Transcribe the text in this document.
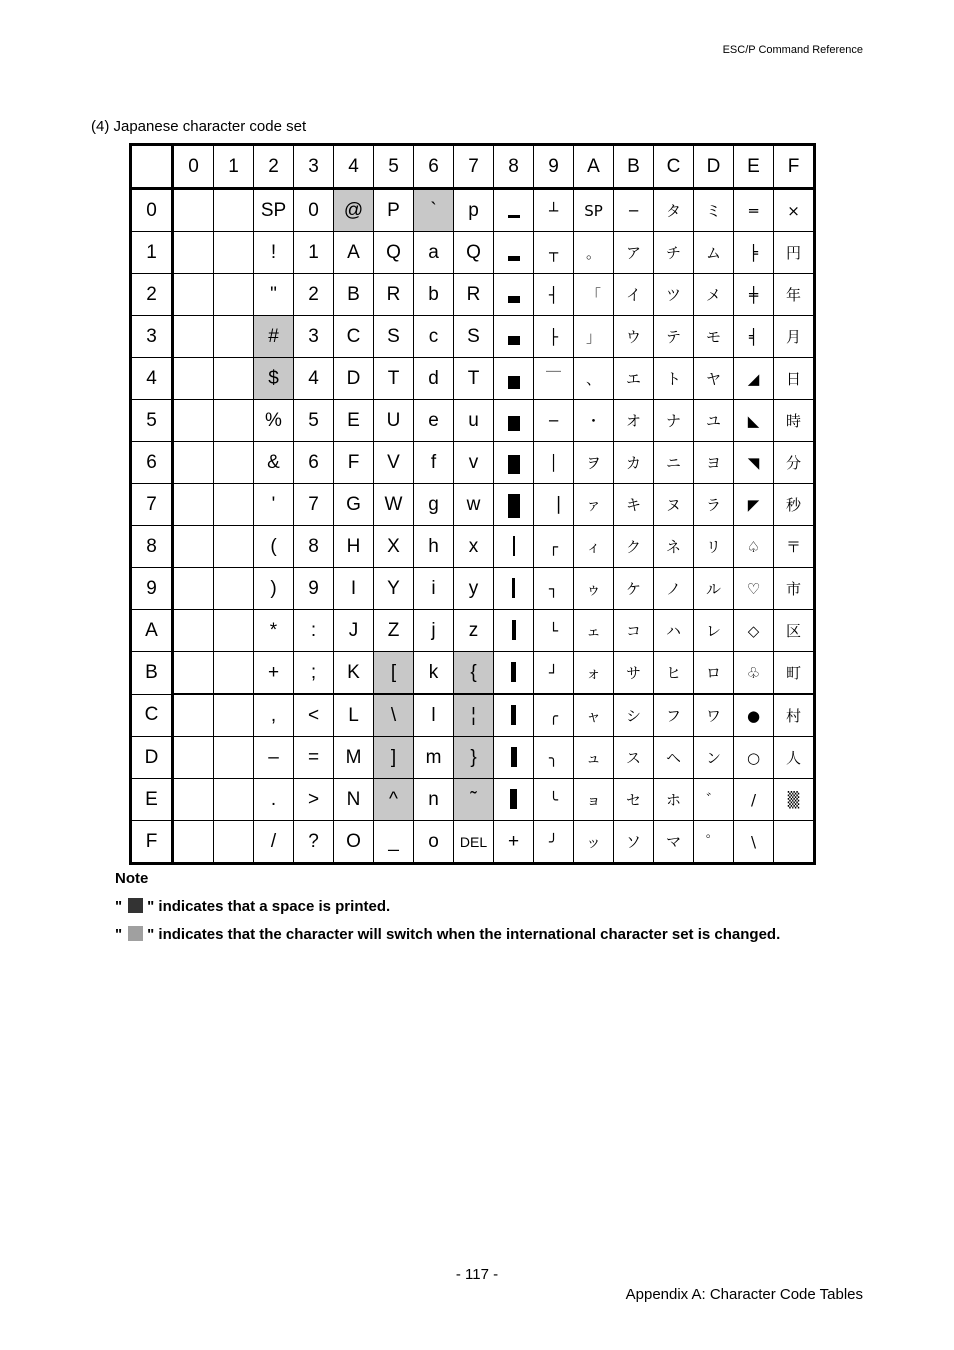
ESC/P Command Reference
(4) Japanese character code set
	0	1	2	3	4	5	6	7	8	9	A	B	C	D	E	F
0			SP	0	@	P	`	p		┴	SP	─	タ	ミ	═	×
1			!	1	A	Q	a	Q		┬	。	ア	チ	ム	╞	円
2			"	2	B	R	b	R		┤	「	イ	ツ	メ	╪	年
3			#	3	C	S	c	S		├	」	ウ	テ	モ	╡	月
4			$	4	D	T	d	T		￣	、	エ	ト	ヤ	◢	日
5			%	5	E	U	e	u		─	・	オ	ナ	ユ	◣	時
6			&	6	F	V	f	v		│	ヲ	カ	ニ	ヨ	◥	分
7			'	7	G	W	g	w		▕	ァ	キ	ヌ	ラ	◤	秒
8			(	8	H	X	h	x		┌	ィ	ク	ネ	リ	♤	〒
9			)	9	I	Y	i	y		┐	ゥ	ケ	ノ	ル	♡	市
A			*	:	J	Z	j	z		└	ェ	コ	ハ	レ	◇	区
B			+	;	K	[	k	{		┘	ォ	サ	ヒ	ロ	♧	町
C			,	<	L	\	l	¦		╭	ャ	シ	フ	ワ	●	村
D			–	=	M	]	m	}		╮	ュ	ス	ヘ	ン	○	人
E			.	>	N	^	n	˜		╰	ョ	セ	ホ	゛	/	▒
F			/	?	O	_	o	DEL	+	╯	ッ	ソ	マ	゜	\	
Note
" " indicates that a space is printed.
" " indicates that the character will switch when the international character set is changed.
- 117 -
Appendix A: Character Code Tables
